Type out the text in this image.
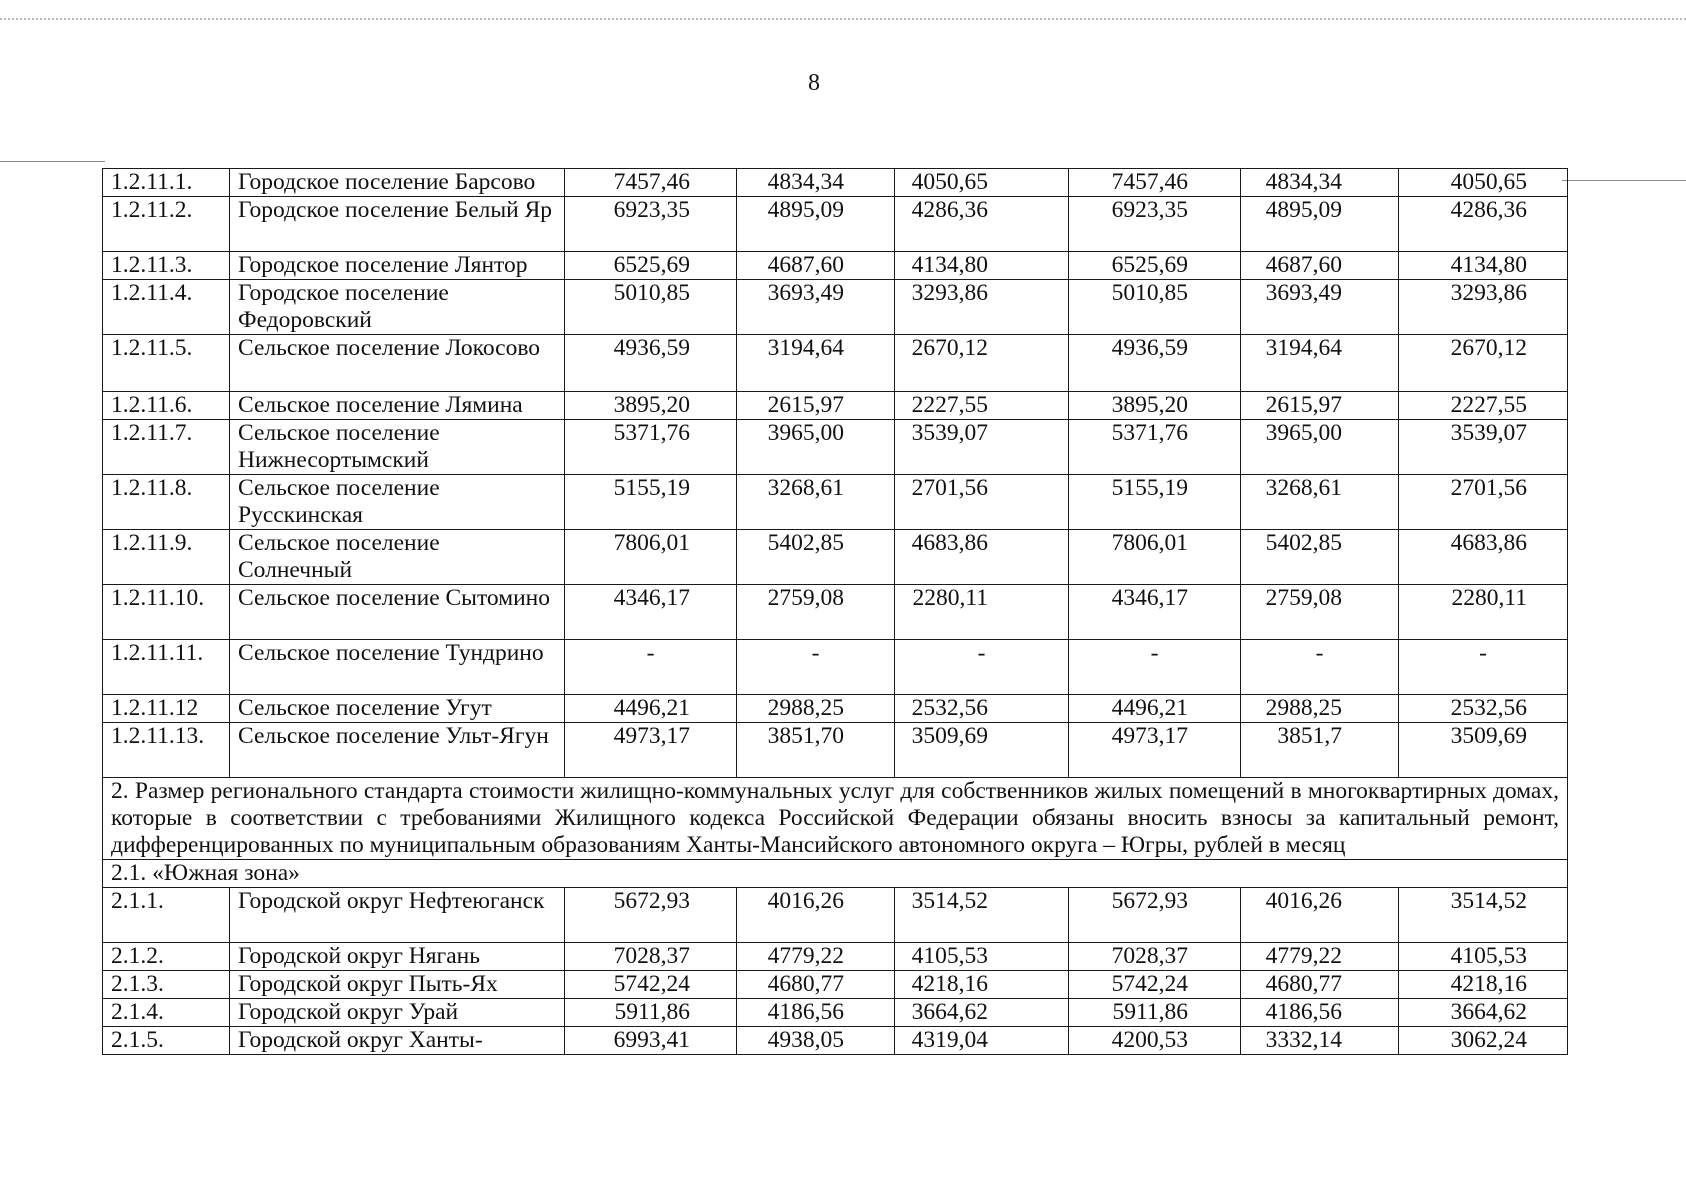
8
1.2.11.1.	Городское поселение Барсово	7457,46	4834,34	4050,65	7457,46	4834,34	4050,65
1.2.11.2.	Городское поселение Белый Яр	6923,35	4895,09	4286,36	6923,35	4895,09	4286,36
1.2.11.3.	Городское поселение Лянтор	6525,69	4687,60	4134,80	6525,69	4687,60	4134,80
1.2.11.4.	Городское поселение Федоровский	5010,85	3693,49	3293,86	5010,85	3693,49	3293,86
1.2.11.5.	Сельское поселение Локосово	4936,59	3194,64	2670,12	4936,59	3194,64	2670,12
1.2.11.6.	Сельское поселение Лямина	3895,20	2615,97	2227,55	3895,20	2615,97	2227,55
1.2.11.7.	Сельское поселение Нижнесортымский	5371,76	3965,00	3539,07	5371,76	3965,00	3539,07
1.2.11.8.	Сельское поселение Русскинская	5155,19	3268,61	2701,56	5155,19	3268,61	2701,56
1.2.11.9.	Сельское поселение Солнечный	7806,01	5402,85	4683,86	7806,01	5402,85	4683,86
1.2.11.10.	Сельское поселение Сытомино	4346,17	2759,08	2280,11	4346,17	2759,08	2280,11
1.2.11.11.	Сельское поселение Тундрино	-	-	-	-	-	-
1.2.11.12	Сельское поселение Угут	4496,21	2988,25	2532,56	4496,21	2988,25	2532,56
1.2.11.13.	Сельское поселение Ульт-Ягун	4973,17	3851,70	3509,69	4973,17	3851,7	3509,69
2. Размер регионального стандарта стоимости жилищно-коммунальных услуг для собственников жилых помещений в многоквартирных домах, которые в соответствии с требованиями Жилищного кодекса Российской Федерации обязаны вносить взносы за капитальный ремонт, дифференцированных по муниципальным образованиям Ханты-Мансийского автономного округа – Югры, рублей в месяц							
2.1. «Южная зона»							
2.1.1.	Городской округ Нефтеюганск	5672,93	4016,26	3514,52	5672,93	4016,26	3514,52
2.1.2.	Городской округ Нягань	7028,37	4779,22	4105,53	7028,37	4779,22	4105,53
2.1.3.	Городской округ Пыть-Ях	5742,24	4680,77	4218,16	5742,24	4680,77	4218,16
2.1.4.	Городской округ Урай	5911,86	4186,56	3664,62	5911,86	4186,56	3664,62
2.1.5.	Городской округ Ханты-	6993,41	4938,05	4319,04	4200,53	3332,14	3062,24
